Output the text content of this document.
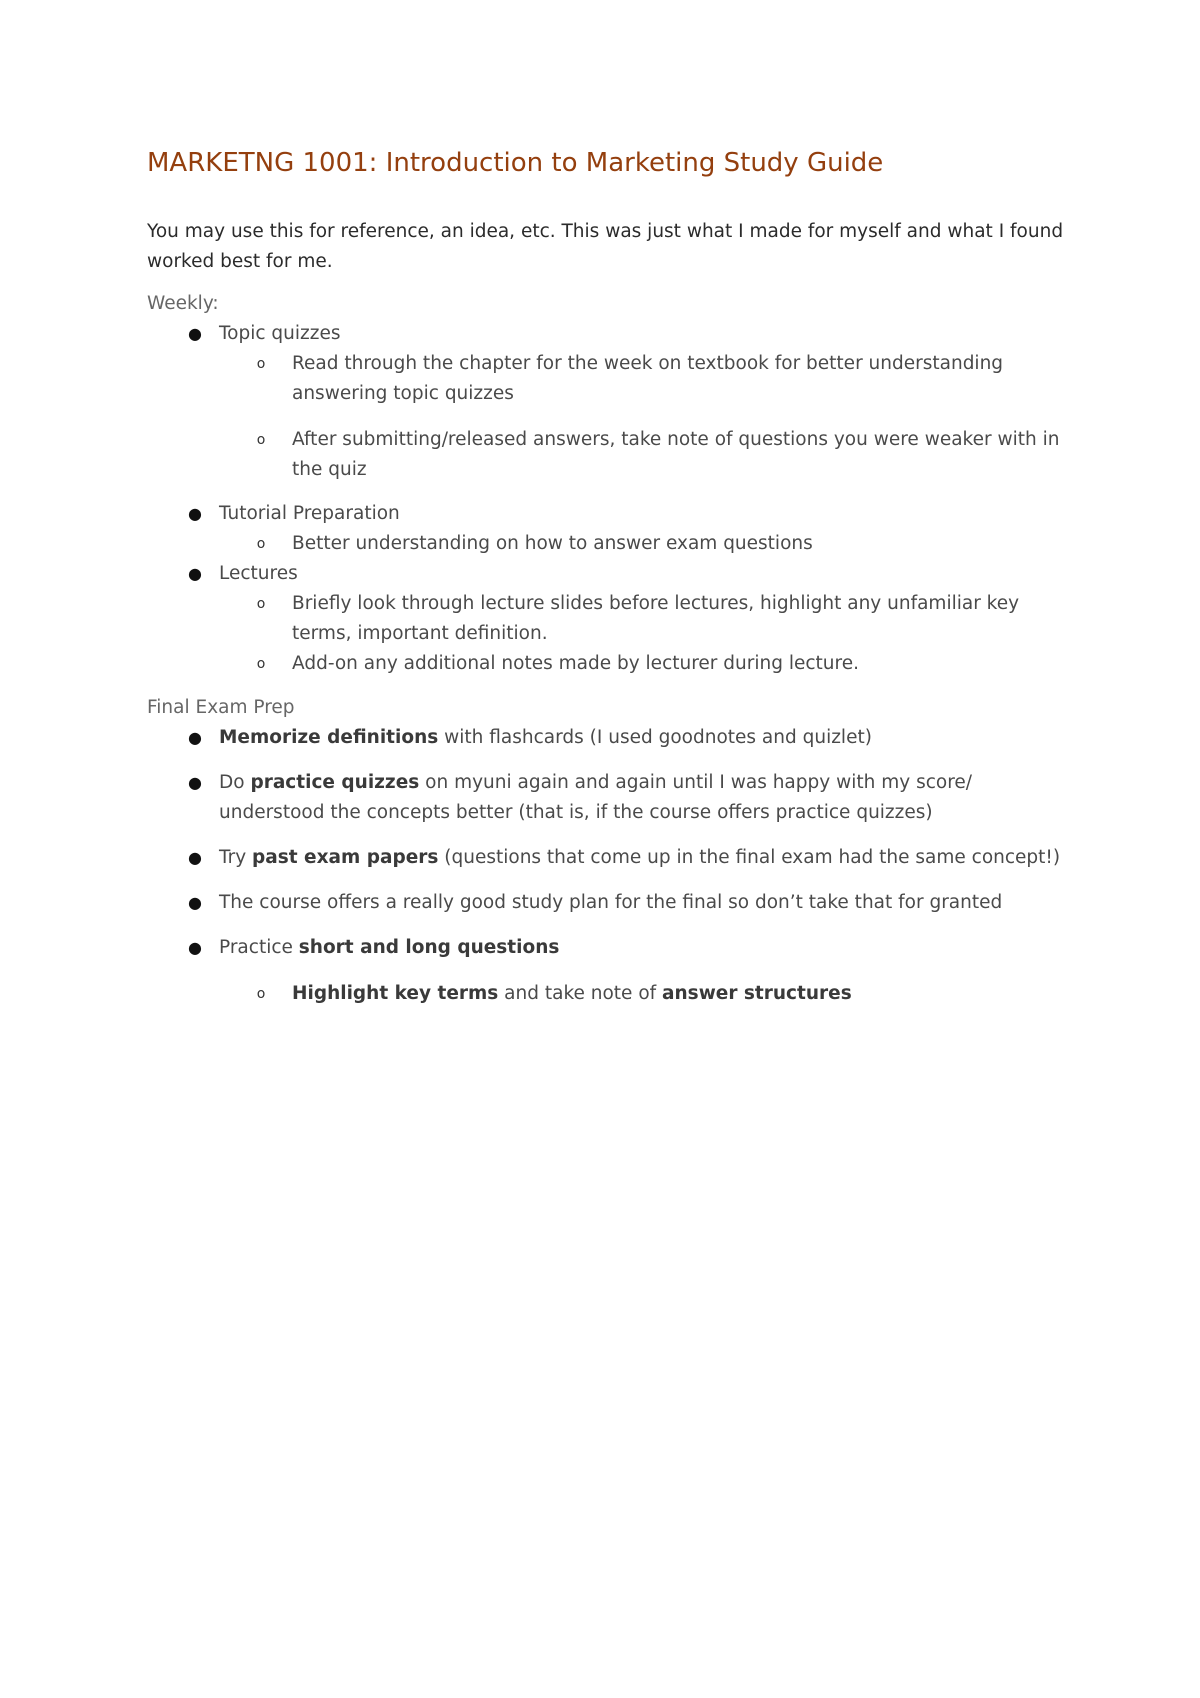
MARKETNG 1001: Introduction to Marketing Study Guide

You may use this for reference, an idea, etc. This was just what I made for myself and what I found worked best for me.

Weekly:

● Topic quizzes
o Read through the chapter for the week on textbook for better understanding answering topic quizzes
o After submitting/released answers, take note of questions you were weaker with in the quiz
● Tutorial Preparation
o Better understanding on how to answer exam questions
● Lectures
o Briefly look through lecture slides before lectures, highlight any unfamiliar key terms, important definition.
o Add-on any additional notes made by lecturer during lecture.

Final Exam Prep

● Memorize definitions with flashcards (I used goodnotes and quizlet)
● Do practice quizzes on myuni again and again until I was happy with my score/ understood the concepts better (that is, if the course offers practice quizzes)
● Try past exam papers (questions that come up in the final exam had the same concept!)
● The course offers a really good study plan for the final so don’t take that for granted
● Practice short and long questions
o Highlight key terms and take note of answer structures
